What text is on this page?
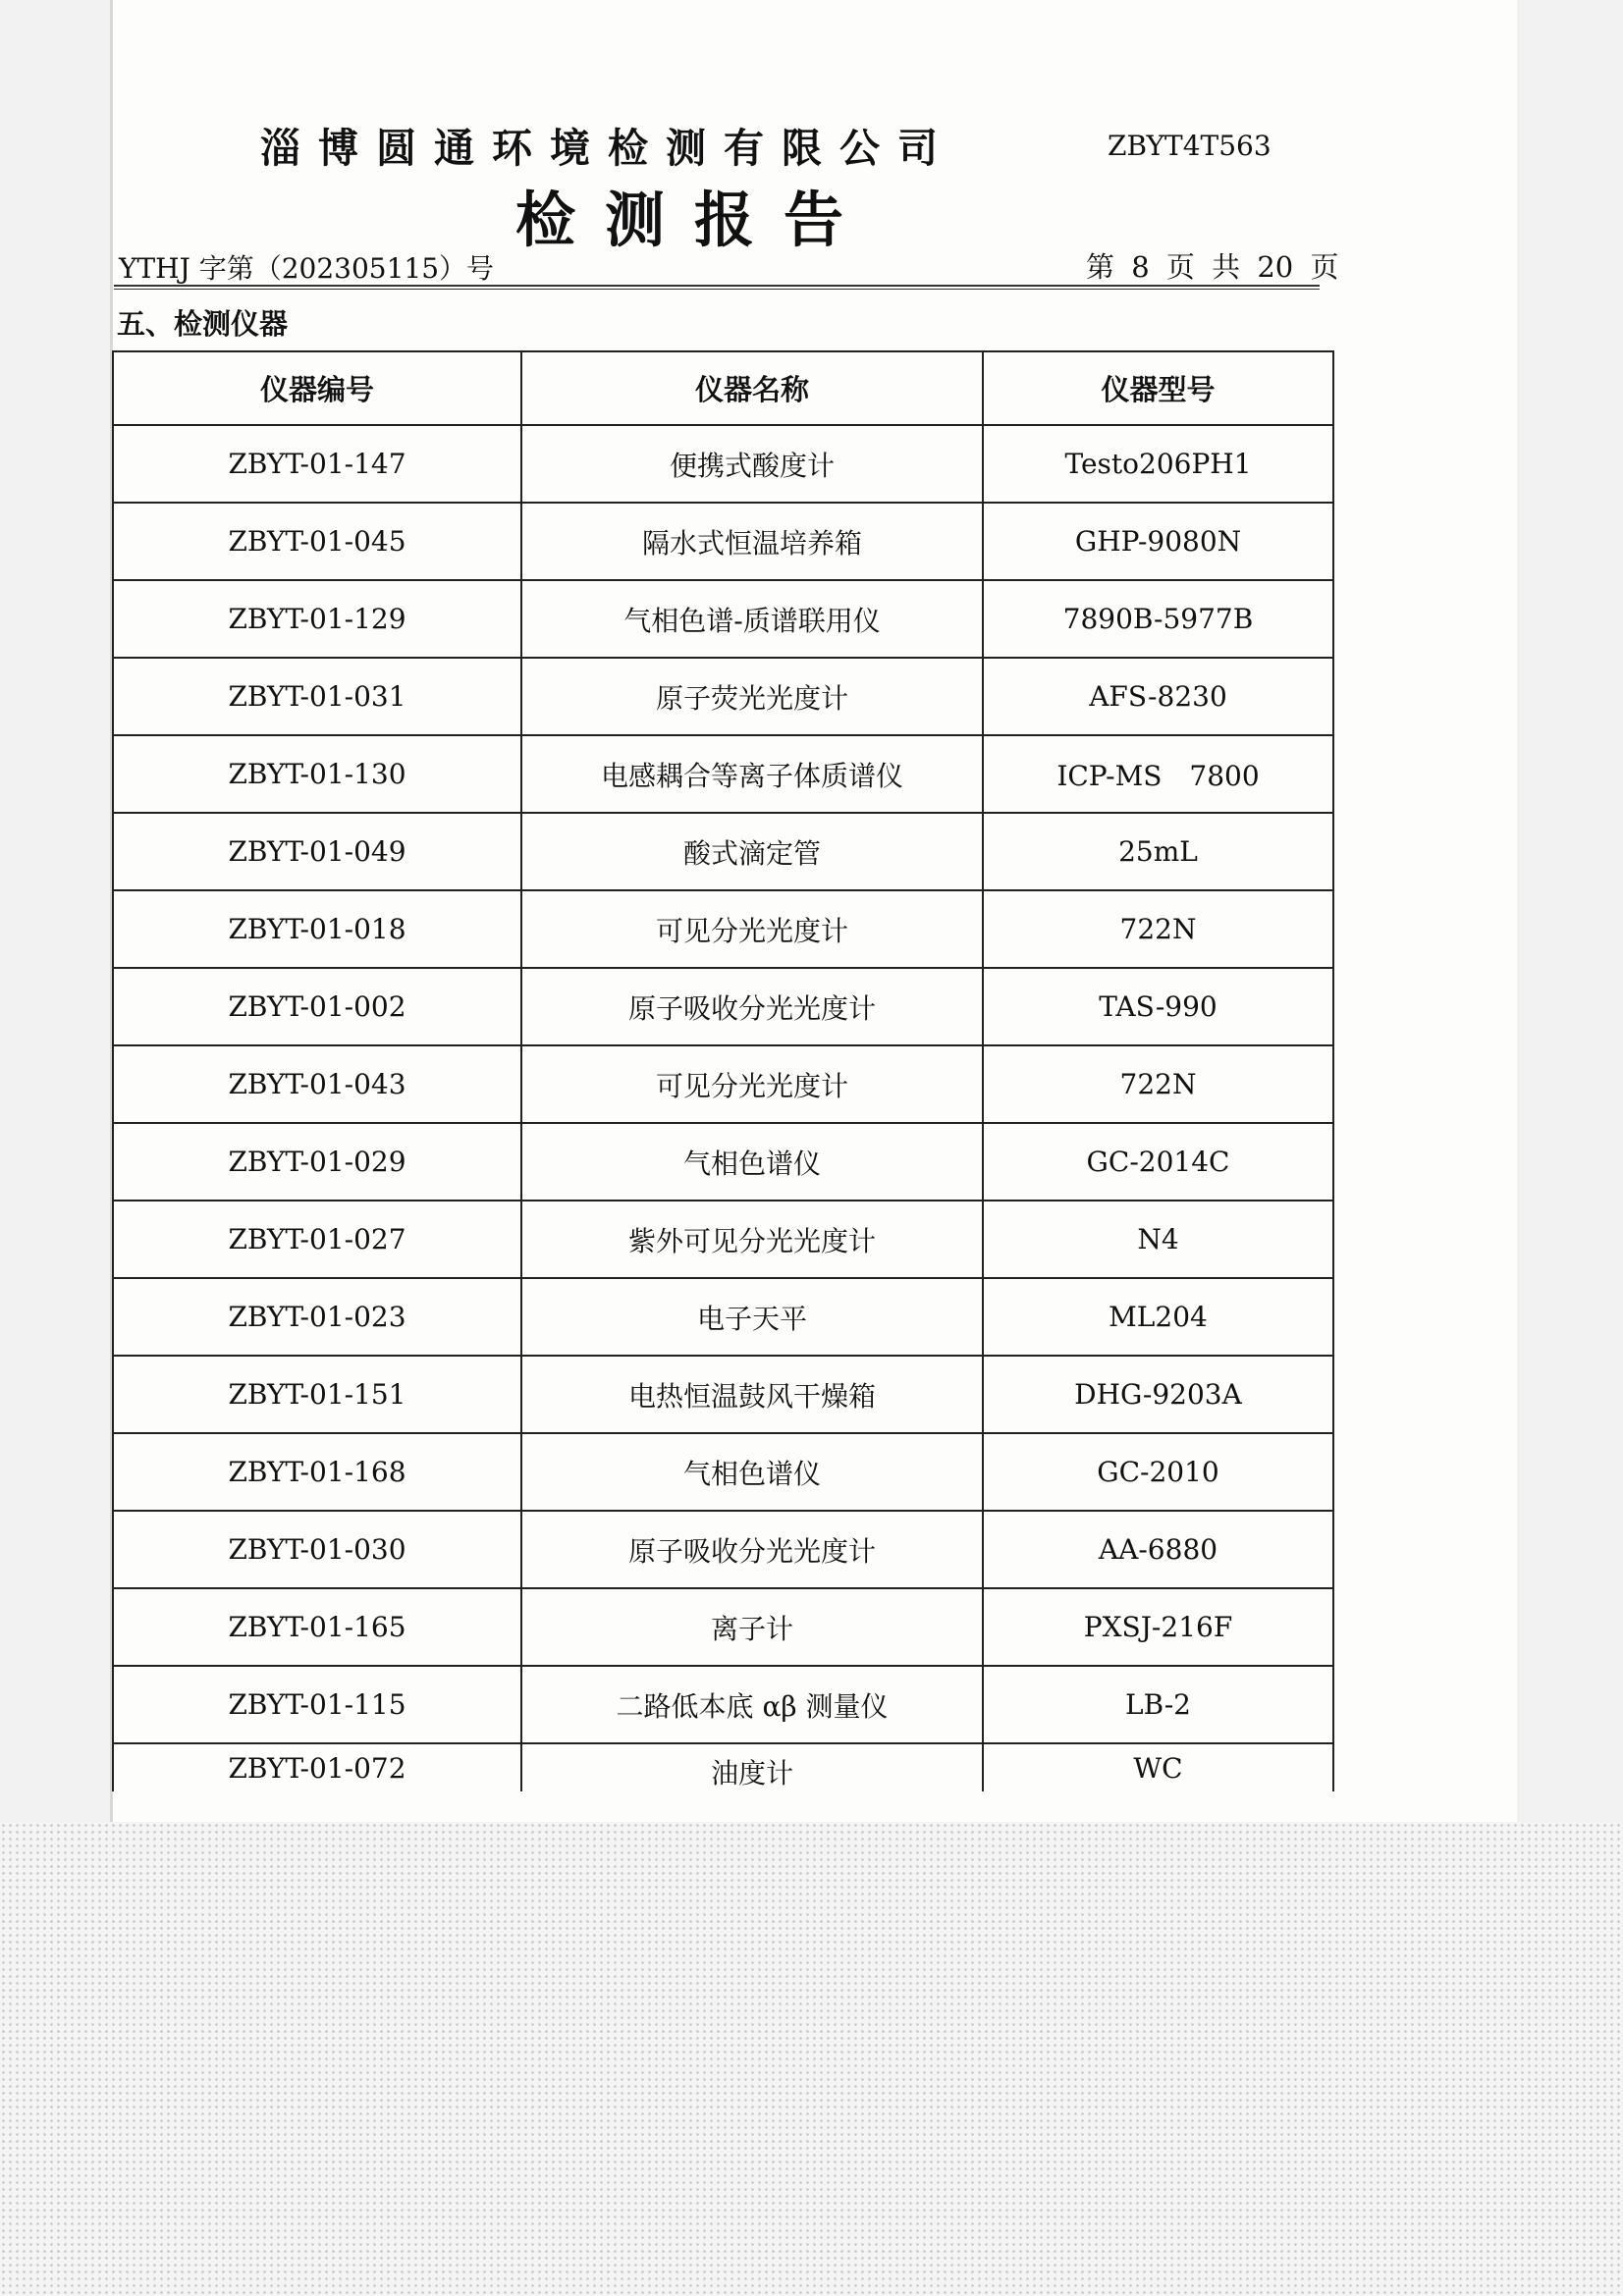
淄博圆通环境检测有限公司	ZBYT4T563
检测报告
YTHJ 字第（202305115）号	第 8 页 共 20 页
五、检测仪器
仪器编号	仪器名称	仪器型号
ZBYT-01-147	便携式酸度计	Testo206PH1
ZBYT-01-045	隔水式恒温培养箱	GHP-9080N
ZBYT-01-129	气相色谱-质谱联用仪	7890B-5977B
ZBYT-01-031	原子荧光光度计	AFS-8230
ZBYT-01-130	电感耦合等离子体质谱仪	ICP-MS　7800
ZBYT-01-049	酸式滴定管	25mL
ZBYT-01-018	可见分光光度计	722N
ZBYT-01-002	原子吸收分光光度计	TAS-990
ZBYT-01-043	可见分光光度计	722N
ZBYT-01-029	气相色谱仪	GC-2014C
ZBYT-01-027	紫外可见分光光度计	N4
ZBYT-01-023	电子天平	ML204
ZBYT-01-151	电热恒温鼓风干燥箱	DHG-9203A
ZBYT-01-168	气相色谱仪	GC-2010
ZBYT-01-030	原子吸收分光光度计	AA-6880
ZBYT-01-165	离子计	PXSJ-216F
ZBYT-01-115	二路低本底 αβ 测量仪	LB-2
ZBYT-01-072	油度计	WC
